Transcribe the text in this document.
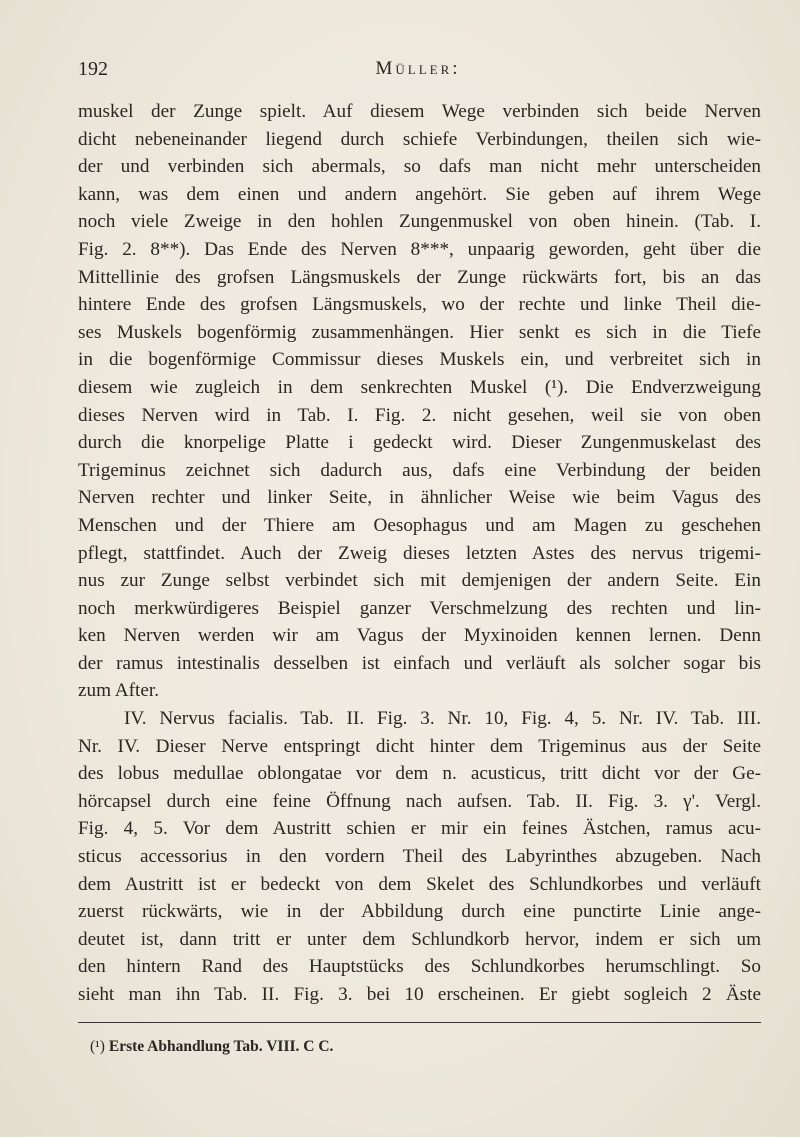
192	Müller:
muskel der Zunge spielt. Auf diesem Wege verbinden sich beide Nerven
dicht nebeneinander liegend durch schiefe Verbindungen, theilen sich wie-
der und verbinden sich abermals, so dafs man nicht mehr unterscheiden
kann, was dem einen und andern angehört. Sie geben auf ihrem Wege
noch viele Zweige in den hohlen Zungenmuskel von oben hinein. (Tab. I.
Fig. 2. 8**). Das Ende des Nerven 8***, unpaarig geworden, geht über die
Mittellinie des grofsen Längsmuskels der Zunge rückwärts fort, bis an das
hintere Ende des grofsen Längsmuskels, wo der rechte und linke Theil die-
ses Muskels bogenförmig zusammenhängen. Hier senkt es sich in die Tiefe
in die bogenförmige Commissur dieses Muskels ein, und verbreitet sich in
diesem wie zugleich in dem senkrechten Muskel (¹). Die Endverzweigung
dieses Nerven wird in Tab. I. Fig. 2. nicht gesehen, weil sie von oben
durch die knorpelige Platte i gedeckt wird. Dieser Zungenmuskelast des
Trigeminus zeichnet sich dadurch aus, dafs eine Verbindung der beiden
Nerven rechter und linker Seite, in ähnlicher Weise wie beim Vagus des
Menschen und der Thiere am Oesophagus und am Magen zu geschehen
pflegt, stattfindet. Auch der Zweig dieses letzten Astes des nervus trigemi-
nus zur Zunge selbst verbindet sich mit demjenigen der andern Seite. Ein
noch merkwürdigeres Beispiel ganzer Verschmelzung des rechten und lin-
ken Nerven werden wir am Vagus der Myxinoiden kennen lernen. Denn
der ramus intestinalis desselben ist einfach und verläuft als solcher sogar bis
zum After.
IV. Nervus facialis. Tab. II. Fig. 3. Nr. 10, Fig. 4, 5. Nr. IV. Tab. III.
Nr. IV. Dieser Nerve entspringt dicht hinter dem Trigeminus aus der Seite
des lobus medullae oblongatae vor dem n. acusticus, tritt dicht vor der Ge-
hörcapsel durch eine feine Öffnung nach aufsen. Tab. II. Fig. 3. γ'. Vergl.
Fig. 4, 5. Vor dem Austritt schien er mir ein feines Ästchen, ramus acu-
sticus accessorius in den vordern Theil des Labyrinthes abzugeben. Nach
dem Austritt ist er bedeckt von dem Skelet des Schlundkorbes und verläuft
zuerst rückwärts, wie in der Abbildung durch eine punctirte Linie ange-
deutet ist, dann tritt er unter dem Schlundkorb hervor, indem er sich um
den hintern Rand des Hauptstücks des Schlundkorbes herumschlingt. So
sieht man ihn Tab. II. Fig. 3. bei 10 erscheinen. Er giebt sogleich 2 Äste
(¹) Erste Abhandlung Tab. VIII. C C.
